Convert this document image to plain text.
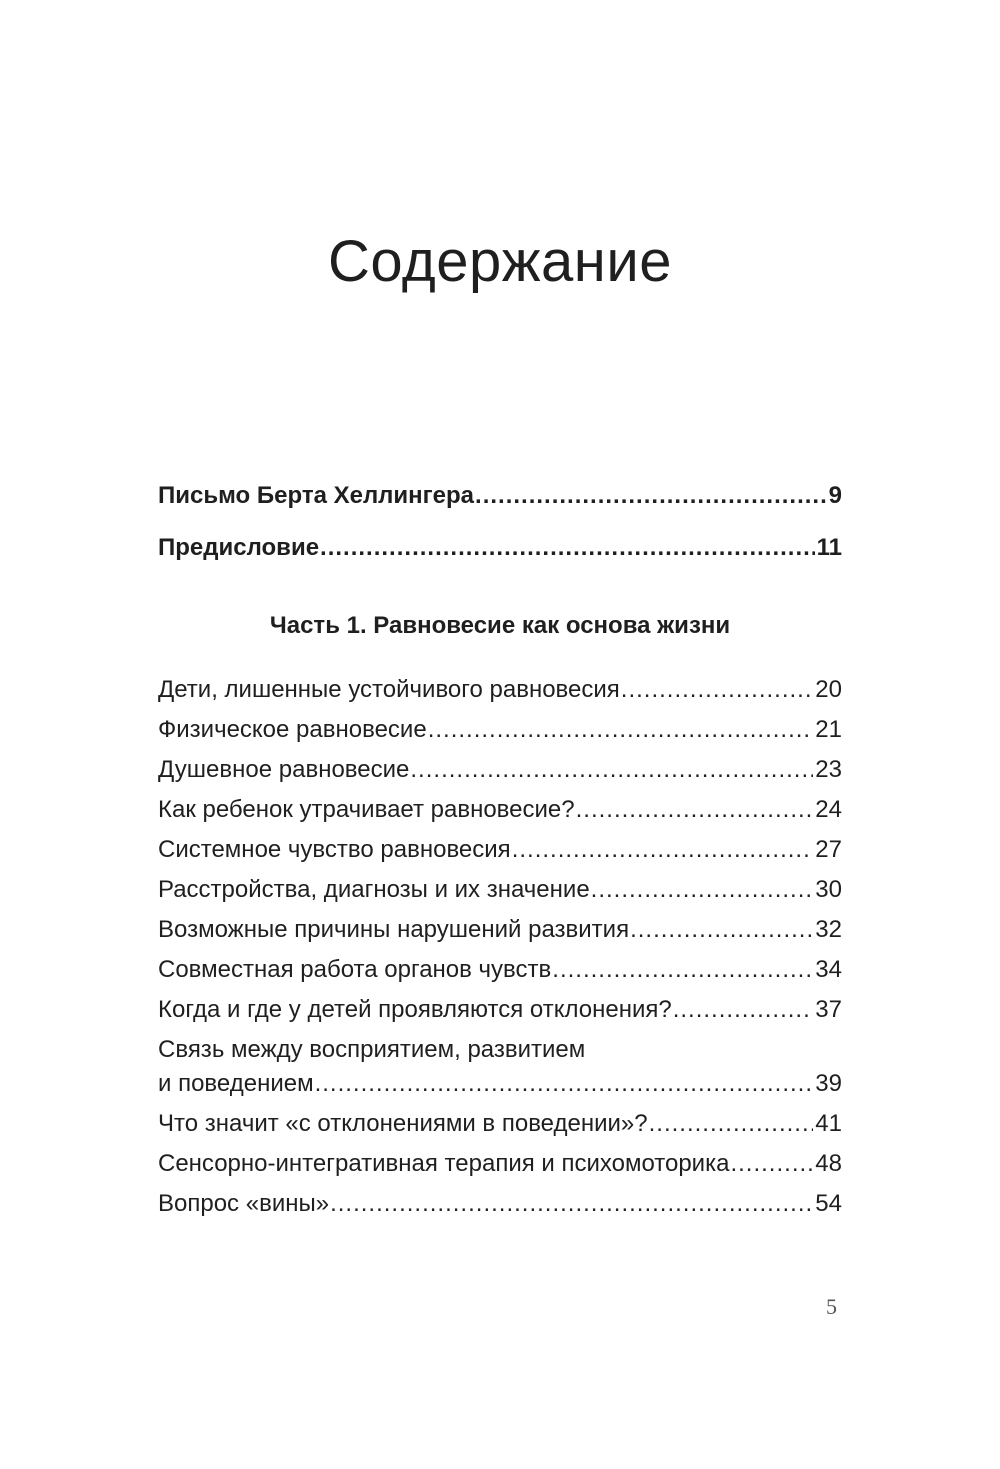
Содержание
Письмо Берта Хеллингера .....	9
Предисловие .....	11
Часть 1. Равновесие как основа жизни
Дети, лишенные устойчивого равновесия .....	20
Физическое равновесие .....	21
Душевное равновесие .....	23
Как ребенок утрачивает равновесие? .....	24
Системное чувство равновесия .....	27
Расстройства, диагнозы и их значение .....	30
Возможные причины нарушений развития .....	32
Совместная работа органов чувств .....	34
Когда и где у детей проявляются отклонения? .....	37
Связь между восприятием, развитием
и поведением .....	39
Что значит «с отклонениями в поведении»? .....	41
Сенсорно-интегративная терапия и психомоторика .....	48
Вопрос «вины» .....	54
5
